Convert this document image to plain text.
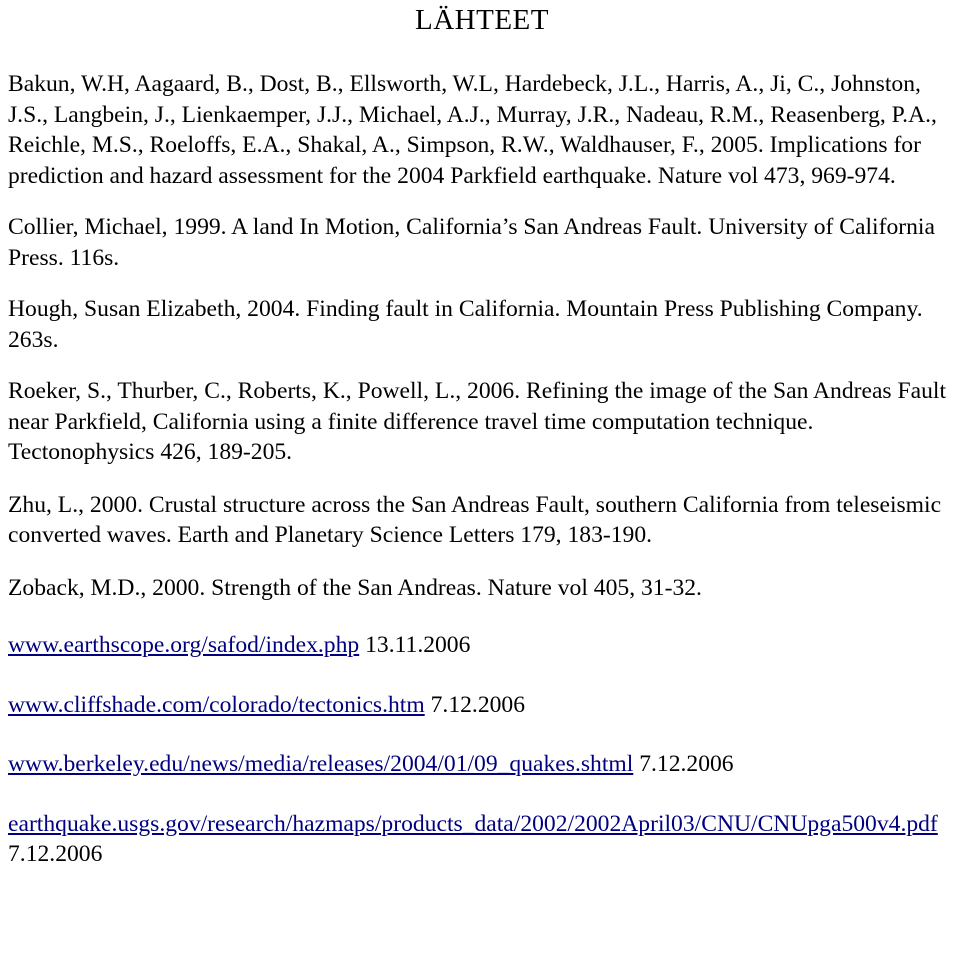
LÄHTEET

Bakun, W.H, Aagaard, B., Dost, B., Ellsworth, W.L, Hardebeck, J.L., Harris, A., Ji, C., Johnston, J.S., Langbein, J., Lienkaemper, J.J., Michael, A.J., Murray, J.R., Nadeau, R.M., Reasenberg, P.A., Reichle, M.S., Roeloffs, E.A., Shakal, A., Simpson, R.W., Waldhauser, F., 2005. Implications for prediction and hazard assessment for the 2004 Parkfield earthquake. Nature vol 473, 969-974.

Collier, Michael, 1999. A land In Motion, California’s San Andreas Fault. University of California Press. 116s.

Hough, Susan Elizabeth, 2004. Finding fault in California. Mountain Press Publishing Company. 263s.

Roeker, S., Thurber, C., Roberts, K., Powell, L., 2006. Refining the image of the San Andreas Fault near Parkfield, California using a finite difference travel time computation technique. Tectonophysics 426, 189-205.

Zhu, L., 2000. Crustal structure across the San Andreas Fault, southern California from teleseismic converted waves. Earth and Planetary Science Letters 179, 183-190.

Zoback, M.D., 2000. Strength of the San Andreas. Nature vol 405, 31-32.

www.earthscope.org/safod/index.php 13.11.2006

www.cliffshade.com/colorado/tectonics.htm 7.12.2006

www.berkeley.edu/news/media/releases/2004/01/09_quakes.shtml 7.12.2006

earthquake.usgs.gov/research/hazmaps/products_data/2002/2002April03/CNU/CNUpga500v4.pdf 7.12.2006
